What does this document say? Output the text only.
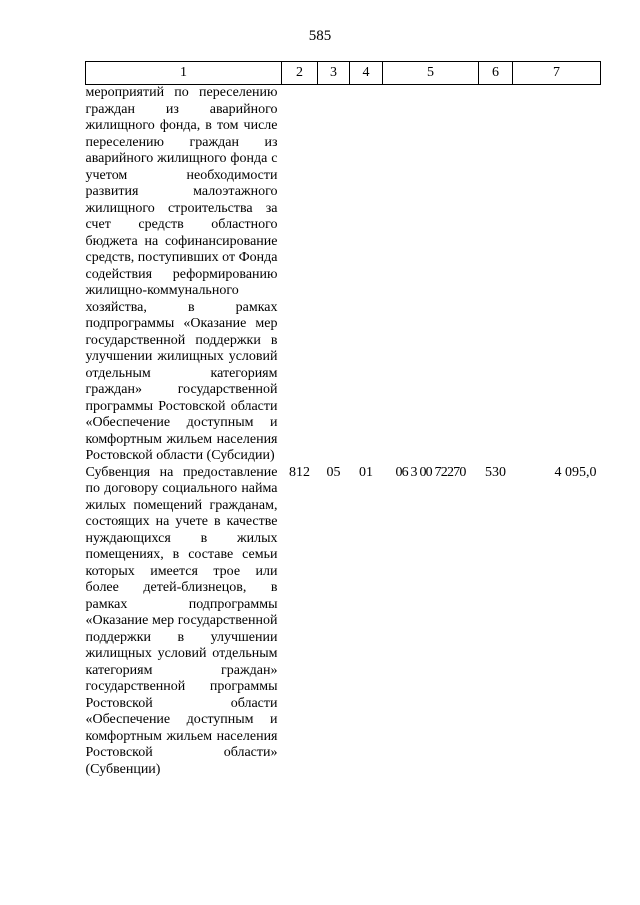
585
1	2	3	4	5	6	7
мероприятий по переселению граждан из аварийного жилищного фонда, в том числе переселению граждан из аварийного жилищного фонда с учетом необходимости развития малоэтажного жилищного строительства за счет средств областного бюджета на софинансирование средств, поступивших от Фонда содействия реформированию жилищно-коммунального хозяйства, в рамках подпрограммы «Оказание мер государственной поддержки в улучшении жилищных условий отдельным категориям граждан» государственной программы Ростовской области «Обеспечение доступным и комфортным жильем населения Ростовской области (Субсидии)						
Субвенция на предоставление по договору социального найма жилых помещений гражданам, состоящих на учете в качестве нуждающихся в жилых помещениях, в составе семьи которых имеется трое или более детей-близнецов, в рамках подпрограммы «Оказание мер государственной поддержки в улучшении жилищных условий отдельным категориям граждан» государственной программы Ростовской области «Обеспечение доступным и комфортным жильем населения Ростовской области» (Субвенции)	812	05	01	06 3 00 72270	530	4 095,0
